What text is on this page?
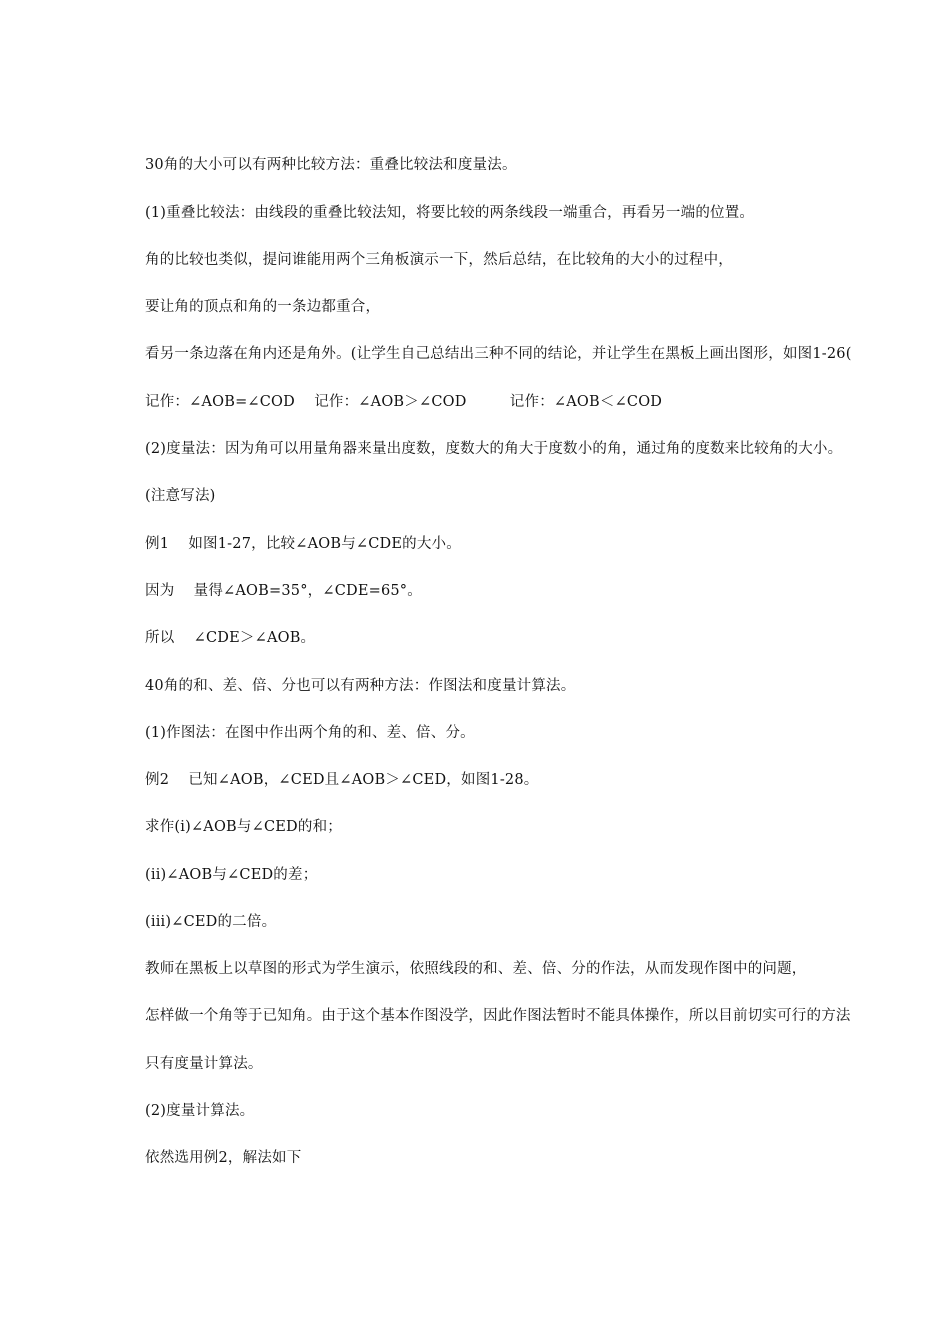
30角的大小可以有两种比较方法：重叠比较法和度量法。
(1)重叠比较法：由线段的重叠比较法知，将要比较的两条线段一端重合，再看另一端的位置。
角的比较也类似，提问谁能用两个三角板演示一下，然后总结，在比较角的大小的过程中，
要让角的顶点和角的一条边都重合，
看另一条边落在角内还是角外。(让学生自己总结出三种不同的结论，并让学生在黑板上画出图形，如图1-26(
记作：∠AOB=∠COD    记作：∠AOB＞∠COD         记作：∠AOB＜∠COD
(2)度量法：因为角可以用量角器来量出度数，度数大的角大于度数小的角，通过角的度数来比较角的大小。
(注意写法)
例1    如图1-27，比较∠AOB与∠CDE的大小。
因为    量得∠AOB=35°，∠CDE=65°。
所以    ∠CDE＞∠AOB。
40角的和、差、倍、分也可以有两种方法：作图法和度量计算法。
(1)作图法：在图中作出两个角的和、差、倍、分。
例2    已知∠AOB，∠CED且∠AOB＞∠CED，如图1-28。
求作(i)∠AOB与∠CED的和；
(ii)∠AOB与∠CED的差；
(iii)∠CED的二倍。
教师在黑板上以草图的形式为学生演示，依照线段的和、差、倍、分的作法，从而发现作图中的问题，
怎样做一个角等于已知角。由于这个基本作图没学，因此作图法暂时不能具体操作，所以目前切实可行的方法
只有度量计算法。
(2)度量计算法。
依然选用例2，解法如下
